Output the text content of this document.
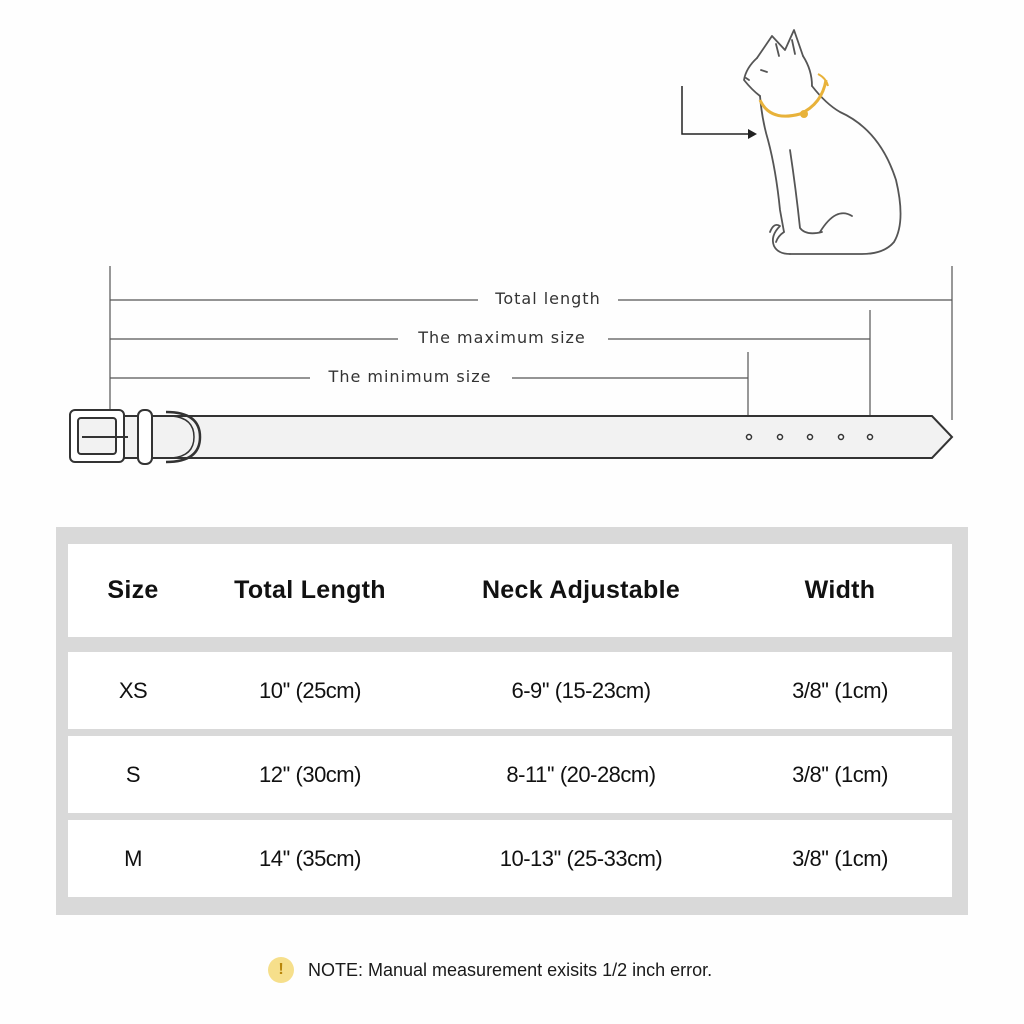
Total length
The maximum size
The minimum size
Size	Total Length	Neck Adjustable	Width
XS	10'' (25cm)	6-9'' (15-23cm)	3/8'' (1cm)
S	12'' (30cm)	8-11'' (20-28cm)	3/8'' (1cm)
M	14'' (35cm)	10-13'' (25-33cm)	3/8'' (1cm)
!	NOTE: Manual measurement exisits 1/2 inch error.
